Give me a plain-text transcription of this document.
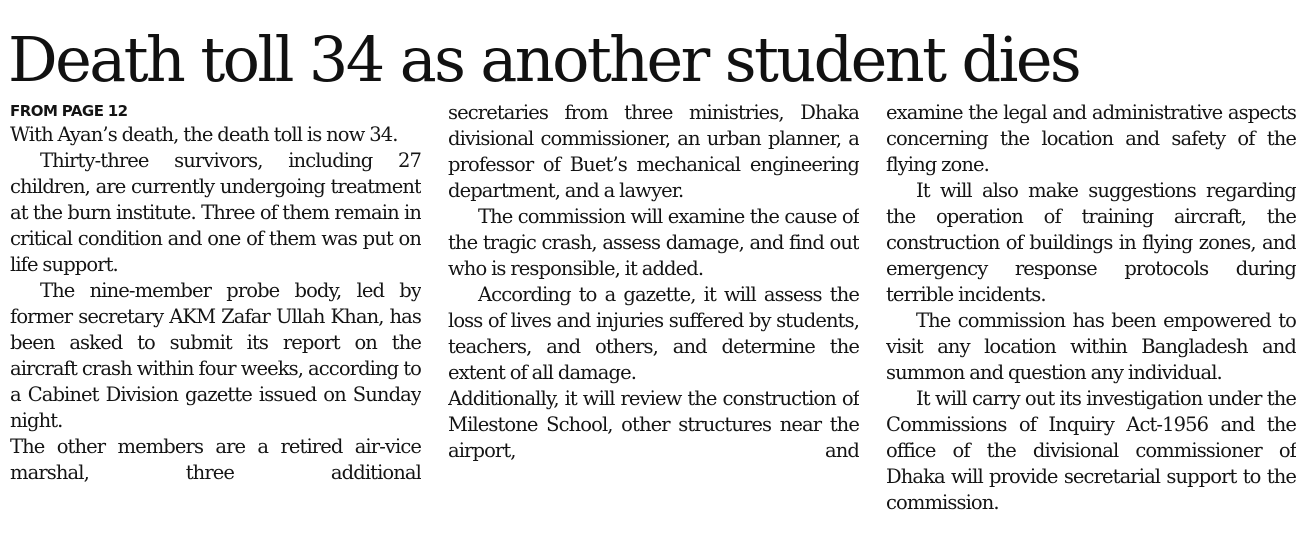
Death toll 34 as another student dies
FROM PAGE 12

With Ayan’s death, the death toll is now 34.

Thirty-three survivors, including 27 children, are currently undergoing treatment at the burn institute. Three of them remain in critical condition and one of them was put on life support.

The nine-member probe body, led by former secretary AKM Zafar Ullah Khan, has been asked to submit its report on the aircraft crash within four weeks, according to a Cabinet Division gazette issued on Sunday night.

The other members are a retired air-vice marshal, three additional

secretaries from three ministries, Dhaka divisional commissioner, an urban planner, a professor of Buet’s mechanical engineering department, and a lawyer.

The commission will examine the cause of the tragic crash, assess damage, and find out who is responsible, it added.

According to a gazette, it will assess the loss of lives and injuries suffered by students, teachers, and others, and determine the extent of all damage.

Additionally, it will review the construction of Milestone School, other structures near the airport, and

examine the legal and administrative aspects concerning the location and safety of the flying zone.

It will also make suggestions regarding the operation of training aircraft, the construction of buildings in flying zones, and emergency response protocols during terrible incidents.

The commission has been empowered to visit any location within Bangladesh and summon and question any individual.

It will carry out its investigation under the Commissions of Inquiry Act-1956 and the office of the divisional commissioner of Dhaka will provide secretarial support to the commission.
